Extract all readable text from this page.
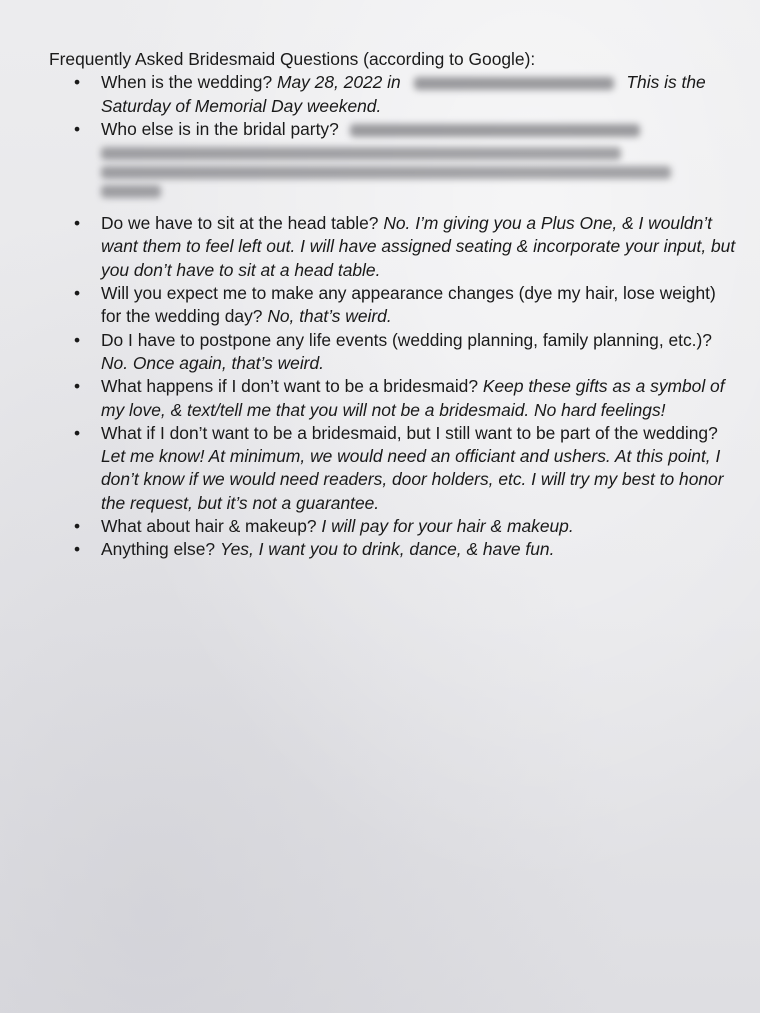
Frequently Asked Bridesmaid Questions (according to Google):

• When is the wedding? May 28, 2022 in	This is the Saturday of Memorial Day weekend.
• Who else is in the bridal party?
• Do we have to sit at the head table? No. I’m giving you a Plus One, & I wouldn’t want them to feel left out. I will have assigned seating & incorporate your input, but you don’t have to sit at a head table.
• Will you expect me to make any appearance changes (dye my hair, lose weight) for the wedding day? No, that’s weird.
• Do I have to postpone any life events (wedding planning, family planning, etc.)? No. Once again, that’s weird.
• What happens if I don’t want to be a bridesmaid? Keep these gifts as a symbol of my love, & text/tell me that you will not be a bridesmaid. No hard feelings!
• What if I don’t want to be a bridesmaid, but I still want to be part of the wedding? Let me know! At minimum, we would need an officiant and ushers. At this point, I don’t know if we would need readers, door holders, etc. I will try my best to honor the request, but it’s not a guarantee.
• What about hair & makeup? I will pay for your hair & makeup.
• Anything else? Yes, I want you to drink, dance, & have fun.
